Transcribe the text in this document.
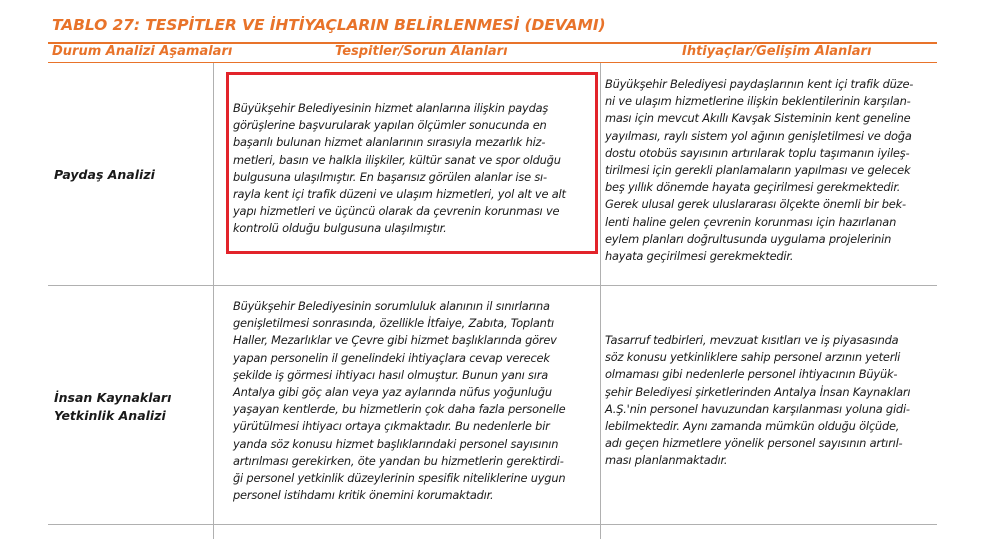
TABLO 27: TESPİTLER VE İHTİYAÇLARIN BELİRLENMESİ (DEVAMI)
Durum Analizi Aşamaları	Tespitler/Sorun Alanları	İhtiyaçlar/Gelişim Alanları
Paydaş Analizi

Büyükşehir Belediyesinin hizmet alanlarına ilişkin paydaş

görüşlerine başvurularak yapılan ölçümler sonucunda en

başarılı bulunan hizmet alanlarının sırasıyla mezarlık hiz-

metleri, basın ve halkla ilişkiler, kültür sanat ve spor olduğu

bulgusuna ulaşılmıştır. En başarısız görülen alanlar ise sı-

rayla kent içi trafik düzeni ve ulaşım hizmetleri, yol alt ve alt

yapı hizmetleri ve üçüncü olarak da çevrenin korunması ve

kontrolü olduğu bulgusuna ulaşılmıştır.

Büyükşehir Belediyesi paydaşlarının kent içi trafik düze-

ni ve ulaşım hizmetlerine ilişkin beklentilerinin karşılan-

ması için mevcut Akıllı Kavşak Sisteminin kent geneline

yayılması, raylı sistem yol ağının genişletilmesi ve doğa

dostu otobüs sayısının artırılarak toplu taşımanın iyileş-

tirilmesi için gerekli planlamaların yapılması ve gelecek

beş yıllık dönemde hayata geçirilmesi gerekmektedir.

Gerek ulusal gerek uluslararası ölçekte önemli bir bek-

lenti haline gelen çevrenin korunması için hazırlanan

eylem planları doğrultusunda uygulama projelerinin

hayata geçirilmesi gerekmektedir.

İnsan Kaynakları
Yetkinlik Analizi

Büyükşehir Belediyesinin sorumluluk alanının il sınırlarına

genişletilmesi sonrasında, özellikle İtfaiye, Zabıta, Toplantı

Haller, Mezarlıklar ve Çevre gibi hizmet başlıklarında görev

yapan personelin il genelindeki ihtiyaçlara cevap verecek

şekilde iş görmesi ihtiyacı hasıl olmuştur. Bunun yanı sıra

Antalya gibi göç alan veya yaz aylarında nüfus yoğunluğu

yaşayan kentlerde, bu hizmetlerin çok daha fazla personelle

yürütülmesi ihtiyacı ortaya çıkmaktadır. Bu nedenlerle bir

yanda söz konusu hizmet başlıklarındaki personel sayısının

artırılması gerekirken, öte yandan bu hizmetlerin gerektirdi-

ği personel yetkinlik düzeylerinin spesifik niteliklerine uygun

personel istihdamı kritik önemini korumaktadır.

Tasarruf tedbirleri, mevzuat kısıtları ve iş piyasasında

söz konusu yetkinliklere sahip personel arzının yeterli

olmaması gibi nedenlerle personel ihtiyacının Büyük-

şehir Belediyesi şirketlerinden Antalya İnsan Kaynakları

A.Ş.'nin personel havuzundan karşılanması yoluna gidi-

lebilmektedir. Aynı zamanda mümkün olduğu ölçüde,

adı geçen hizmetlere yönelik personel sayısının artırıl-

ması planlanmaktadır.
